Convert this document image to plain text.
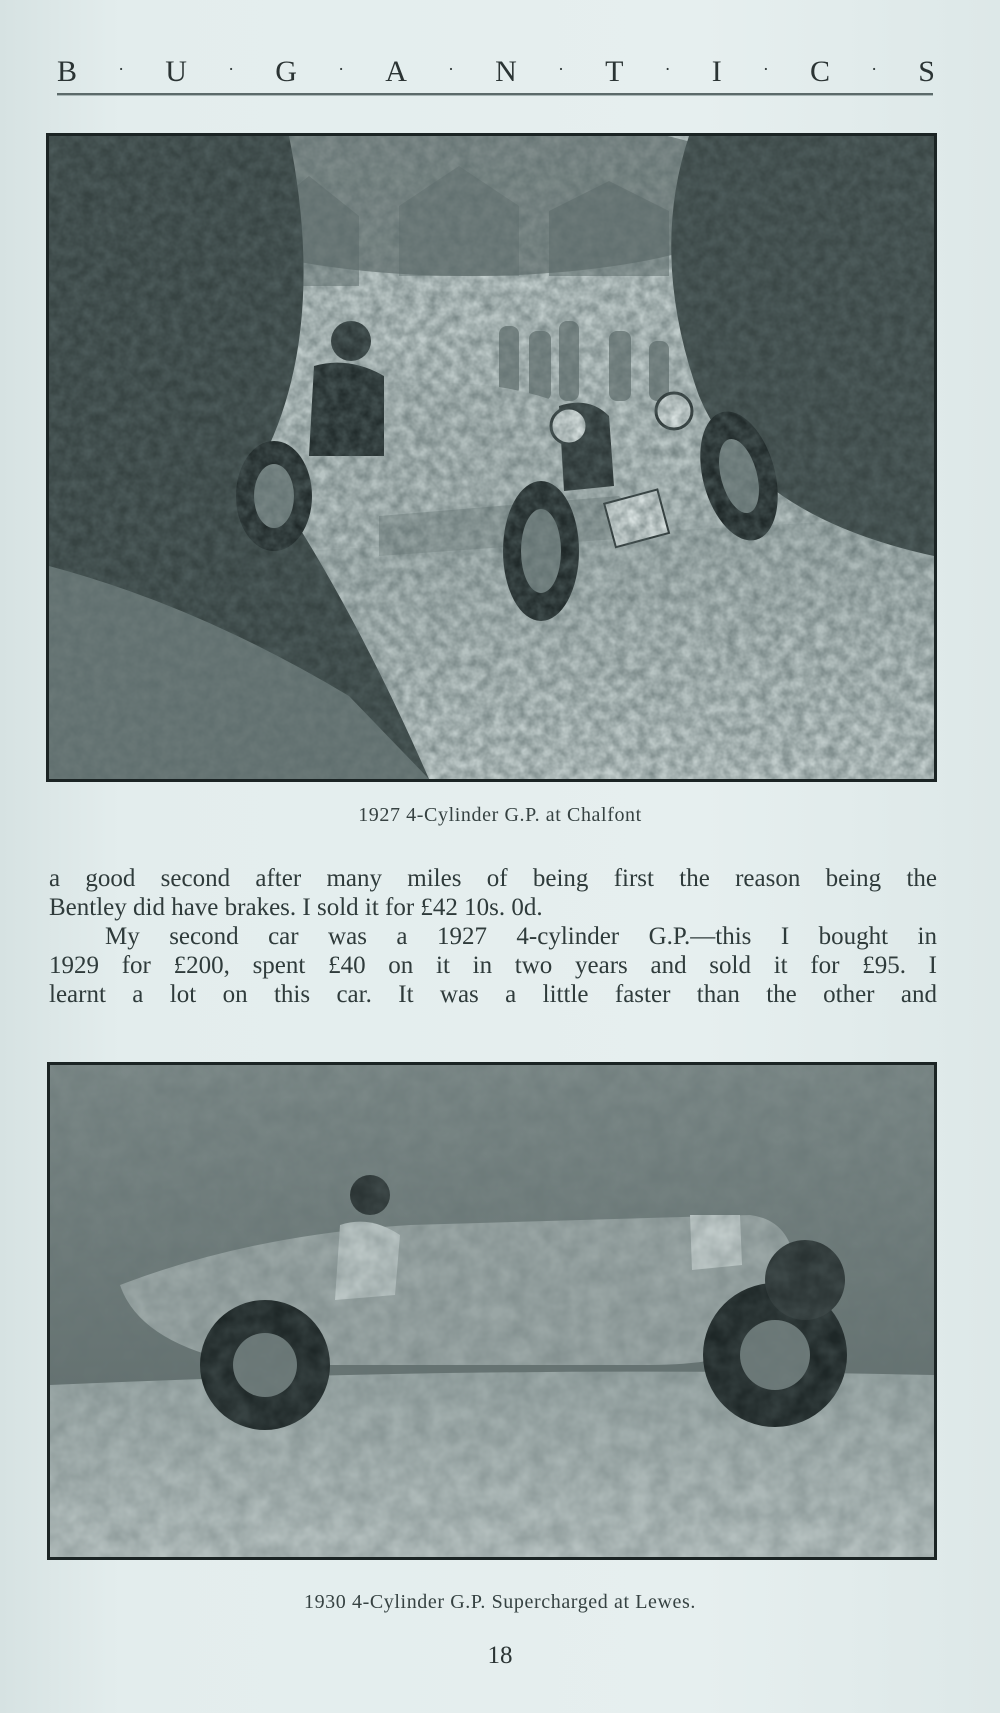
B · U · G · A · N · T · I · C · S
1927 4-Cylinder G.P. at Chalfont

a good second after many miles of being first the reason being the

Bentley did have brakes. I sold it for £42 10s. 0d.

My second car was a 1927 4-cylinder G.P.—this I bought in

1929 for £200, spent £40 on it in two years and sold it for £95. I

learnt a lot on this car. It was a little faster than the other and

1930 4-Cylinder G.P. Supercharged at Lewes.
18
